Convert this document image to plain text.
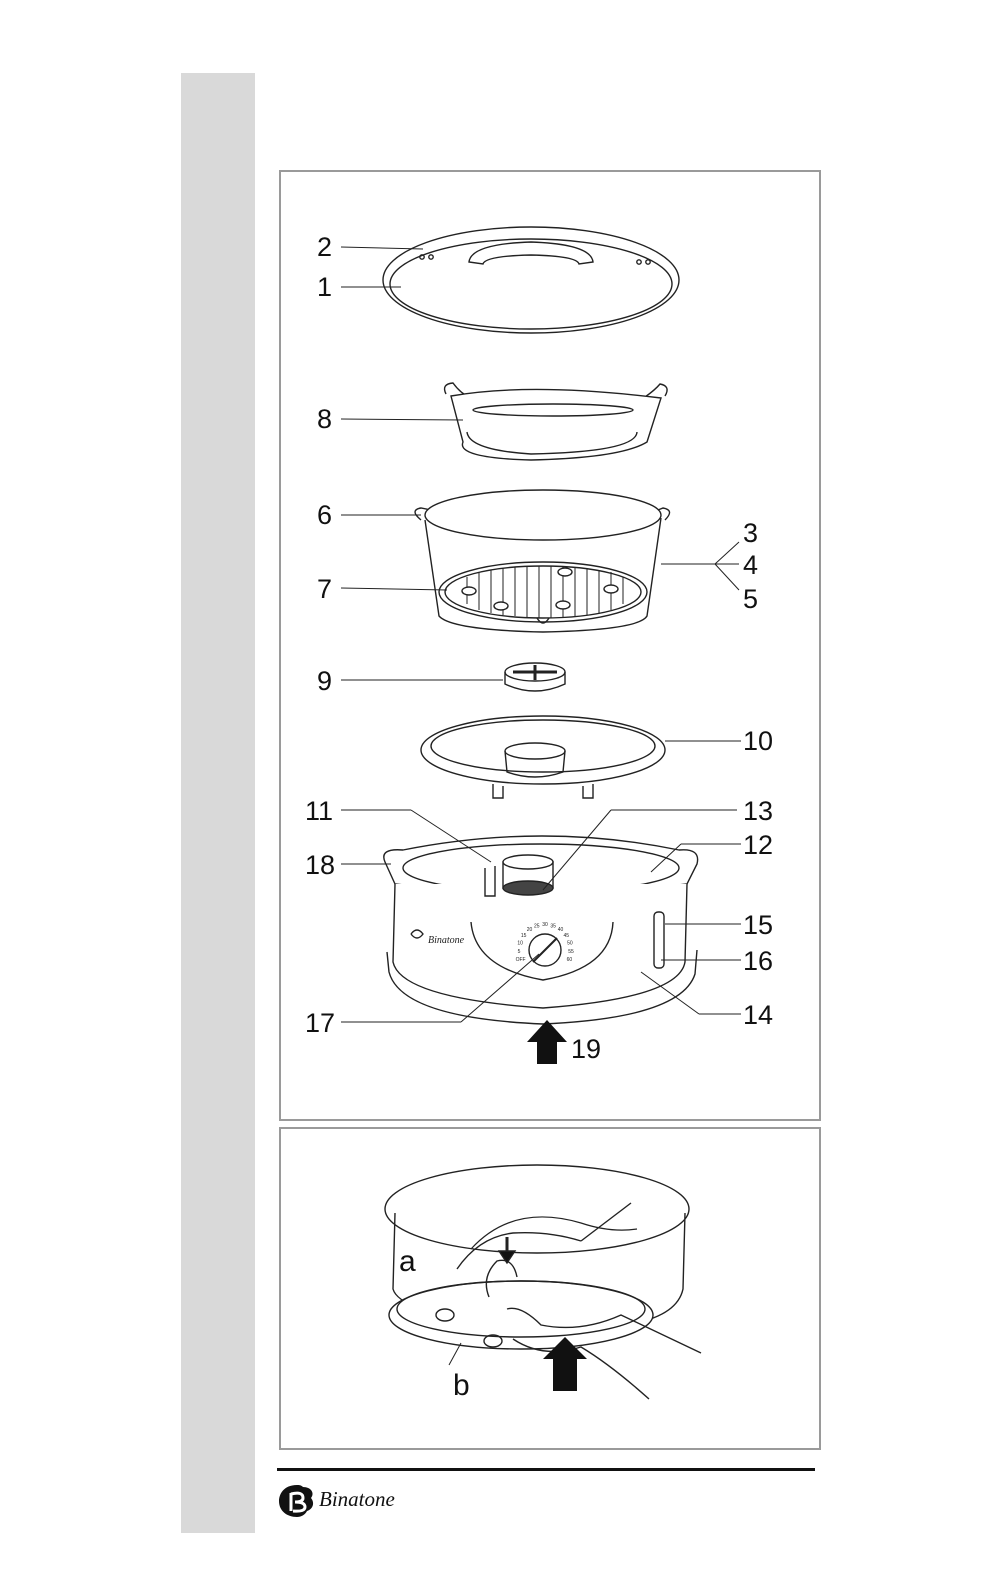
Binatone
2
1
8
6
7
3
4
5
9
10
11	13
12
18
15
16
14
17
19
OFF
5
10
15
20
25 30 35
40
45
50
55
60
a
b
Binatone
